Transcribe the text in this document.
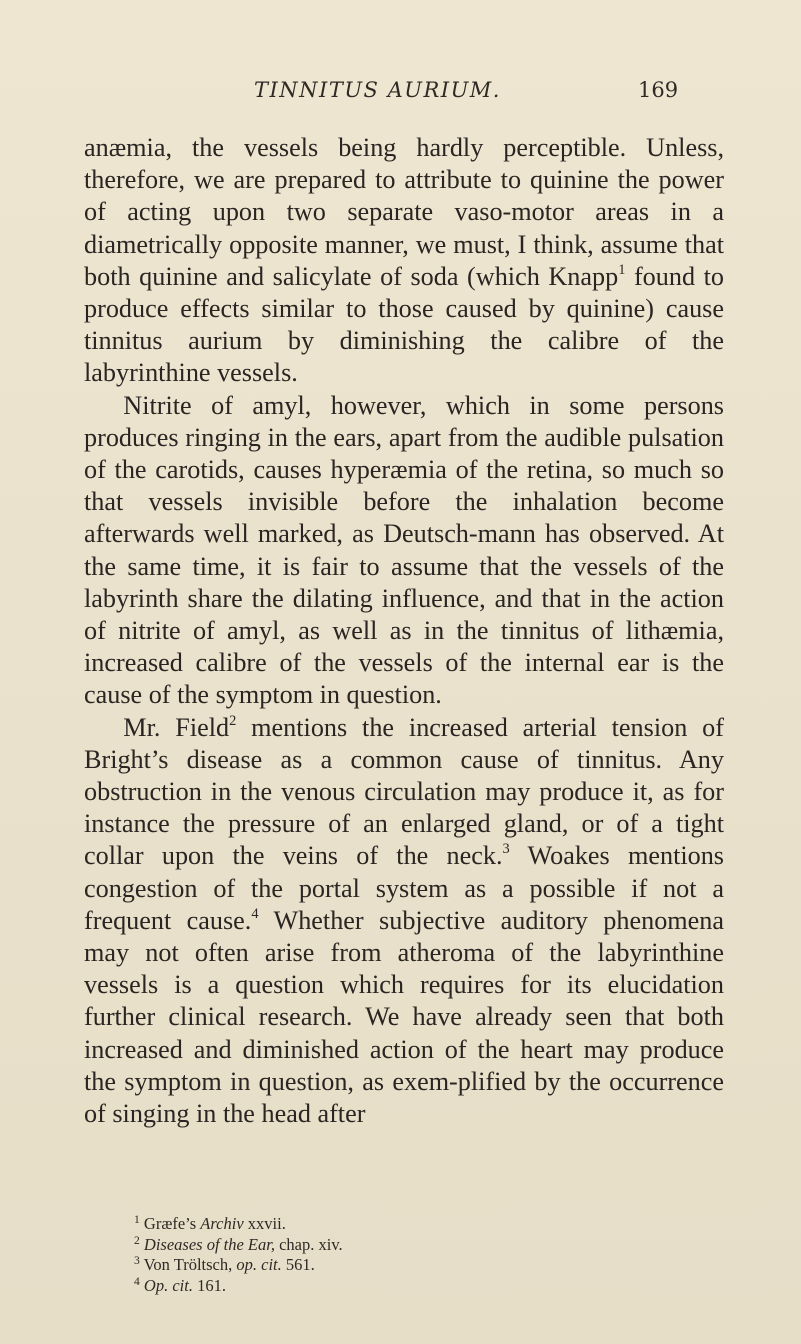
TINNITUS AURIUM.	169

anæmia, the vessels being hardly perceptible. Unless, therefore, we are prepared to attribute to quinine the power of acting upon two separate vaso-motor areas in a diametrically opposite manner, we must, I think, assume that both quinine and salicylate of soda (which Knapp$^1$ found to produce effects similar to those caused by quinine) cause tinnitus aurium by diminishing the calibre of the labyrinthine vessels.

Nitrite of amyl, however, which in some persons produces ringing in the ears, apart from the audible pulsation of the carotids, causes hyperæmia of the retina, so much so that vessels invisible before the inhalation become afterwards well marked, as Deutsch-mann has observed. At the same time, it is fair to assume that the vessels of the labyrinth share the dilating influence, and that in the action of nitrite of amyl, as well as in the tinnitus of lithæmia, increased calibre of the vessels of the internal ear is the cause of the symptom in question.

Mr. Field$^2$ mentions the increased arterial tension of Bright’s disease as a common cause of tinnitus. Any obstruction in the venous circulation may produce it, as for instance the pressure of an enlarged gland, or of a tight collar upon the veins of the neck.$^3$ Woakes mentions congestion of the portal system as a possible if not a frequent cause.$^4$ Whether subjective auditory phenomena may not often arise from atheroma of the labyrinthine vessels is a question which requires for its elucidation further clinical research. We have already seen that both increased and diminished action of the heart may produce the symptom in question, as exem-plified by the occurrence of singing in the head after

$^1$ Græfe’s Archiv xxvii.
$^2$ Diseases of the Ear, chap. xiv.
$^3$ Von Tröltsch, op. cit. 561.
$^4$ Op. cit. 161.
